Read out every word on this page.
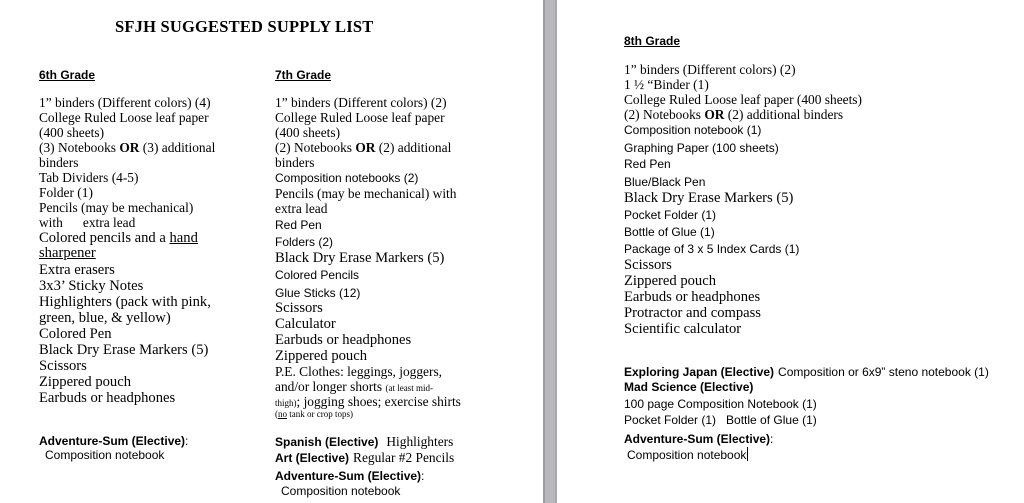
SFJH SUGGESTED SUPPLY LIST
6th Grade
1” binders (Different colors) (4)
College Ruled Loose leaf paper
(400 sheets)
(3) Notebooks OR (3) additional
binders
Tab Dividers (4-5)
Folder (1)
Pencils (may be mechanical)
with      extra lead
Colored pencils and a hand
sharpener
Extra erasers
3x3’ Sticky Notes
Highlighters (pack with pink,
green, blue, & yellow)
Colored Pen
Black Dry Erase Markers (5)
Scissors
Zippered pouch
Earbuds or headphones
Adventure-Sum (Elective):
Composition notebook
7th Grade
1” binders (Different colors) (2)
College Ruled Loose leaf paper
(400 sheets)
(2) Notebooks OR (2) additional
binders
Composition notebooks (2)
Pencils (may be mechanical) with
extra lead
Red Pen
Folders (2)
Black Dry Erase Markers (5)
Colored Pencils
Glue Sticks (12)
Scissors
Calculator
Earbuds or headphones
Zippered pouch
P.E. Clothes: leggings, joggers,
and/or longer shorts (at least mid-
thigh); jogging shoes; exercise shirts
(no tank or crop tops)
Spanish (Elective) Highlighters
Art (Elective) Regular #2 Pencils
Adventure-Sum (Elective):
Composition notebook
8th Grade
1” binders (Different colors) (2)
1 ½ “Binder (1)
College Ruled Loose leaf paper (400 sheets)
(2) Notebooks OR (2) additional binders
Composition notebook (1)
Graphing Paper (100 sheets)
Red Pen
Blue/Black Pen
Black Dry Erase Markers (5)
Pocket Folder (1)
Bottle of Glue (1)
Package of 3 x 5 Index Cards (1)
Scissors
Zippered pouch
Earbuds or headphones
Protractor and compass
Scientific calculator
Exploring Japan (Elective) Composition or 6x9” steno notebook (1)
Mad Science (Elective)
100 page Composition Notebook (1)
Pocket Folder (1)   Bottle of Glue (1)
Adventure-Sum (Elective):
Composition notebook
